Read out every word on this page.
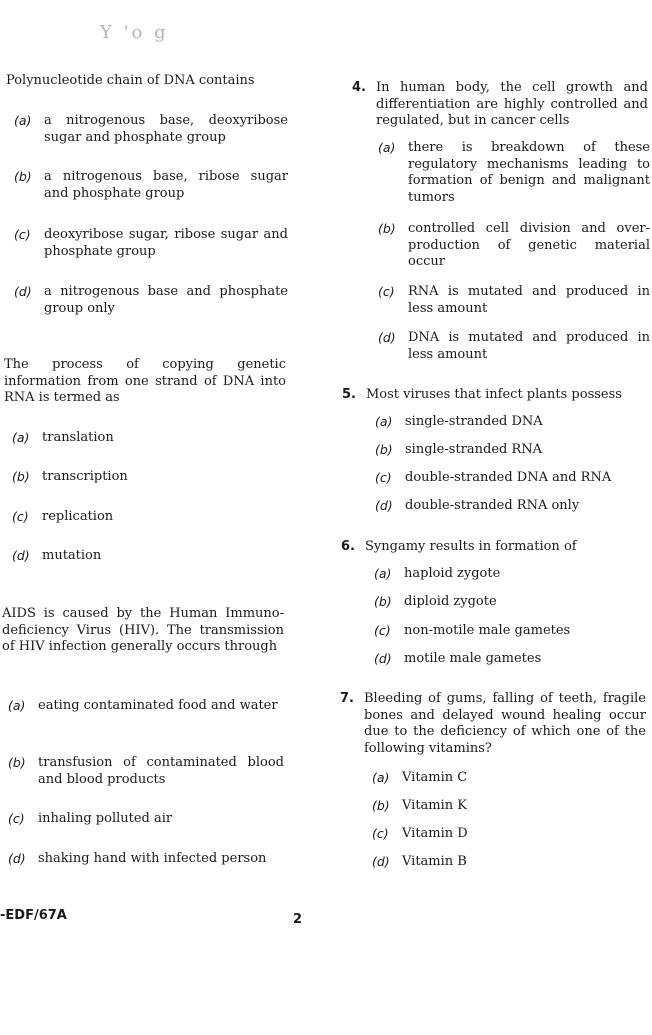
Y 'o g
Polynucleotide chain of DNA contains
(a) a nitrogenous base, deoxyribose sugar and phosphate group
(b) a nitrogenous base, ribose sugar and phosphate group
(c) deoxyribose sugar, ribose sugar and phosphate group
(d) a nitrogenous base and phosphate group only
The process of copying genetic information from one strand of DNA into RNA is termed as
(a) translation
(b) transcription
(c) replication
(d) mutation
AIDS is caused by the Human Immuno-deficiency Virus (HIV). The transmission of HIV infection generally occurs through
(a) eating contaminated food and water
(b) transfusion of contaminated blood and blood products
(c) inhaling polluted air
(d) shaking hand with infected person
4. In human body, the cell growth and differentiation are highly controlled and regulated, but in cancer cells
(a) there is breakdown of these regulatory mechanisms leading to formation of benign and malignant tumors
(b) controlled cell division and over-production of genetic material occur
(c) RNA is mutated and produced in less amount
(d) DNA is mutated and produced in less amount
5. Most viruses that infect plants possess
(a) single-stranded DNA
(b) single-stranded RNA
(c) double-stranded DNA and RNA
(d) double-stranded RNA only
6. Syngamy results in formation of
(a) haploid zygote
(b) diploid zygote
(c) non-motile male gametes
(d) motile male gametes
7. Bleeding of gums, falling of teeth, fragile bones and delayed wound healing occur due to the deficiency of which one of the following vitamins?
(a) Vitamin C
(b) Vitamin K
(c) Vitamin D
(d) Vitamin B
-EDF/67A	2
